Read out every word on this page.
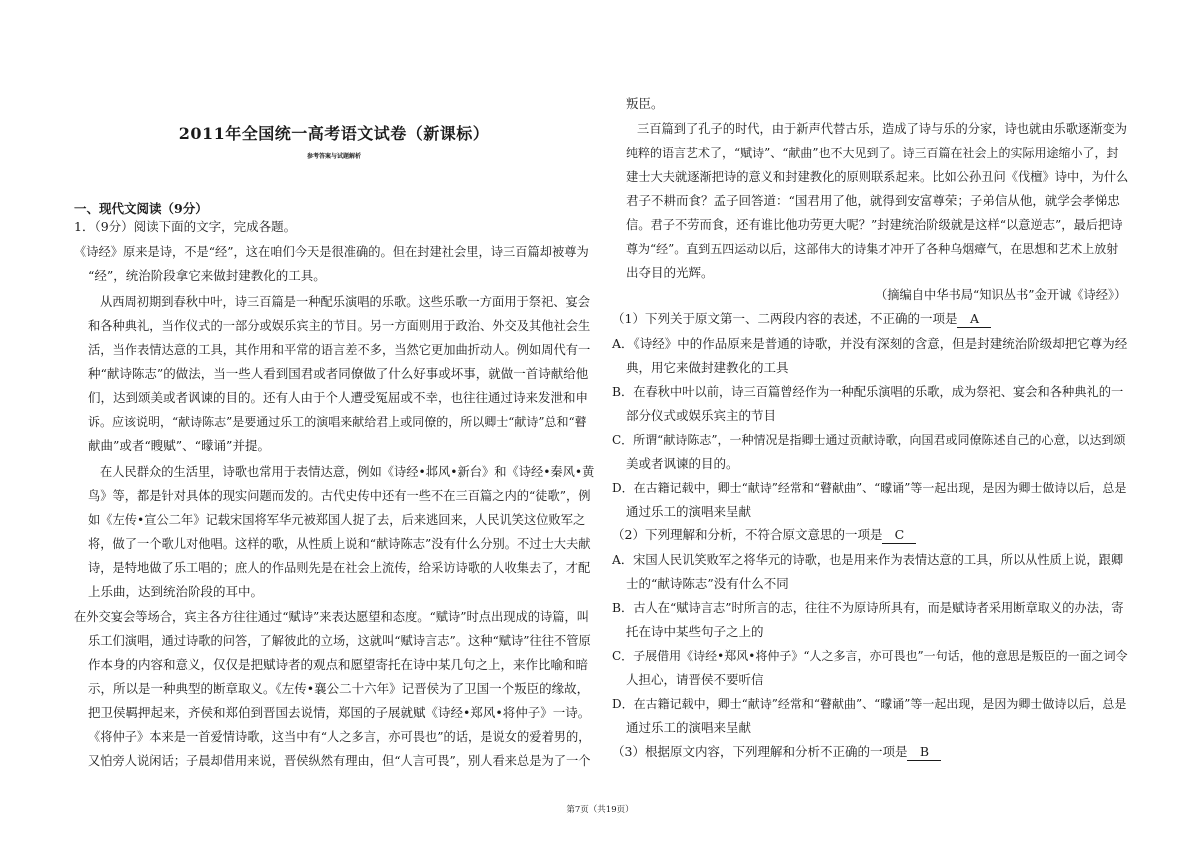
2011年全国统一高考语文试卷（新课标）
参考答案与试题解析
一、现代文阅读（9分）
1．（9分）阅读下面的文字，完成各题。
《诗经》原来是诗，不是“经”，这在咱们今天是很准确的。但在封建社会里，诗三百篇却被尊为
“经”，统治阶段拿它来做封建教化的工具。
从西周初期到春秋中叶，诗三百篇是一种配乐演唱的乐歌。这些乐歌一方面用于祭祀、宴会
和各种典礼，当作仪式的一部分或娱乐宾主的节目。另一方面则用于政治、外交及其他社会生
活，当作表情达意的工具，其作用和平常的语言差不多，当然它更加曲折动人。例如周代有一
种“献诗陈志”的做法，当一些人看到国君或者同僚做了什么好事或坏事，就做一首诗献给他
们，达到颂美或者讽谏的目的。还有人由于个人遭受冤屈或不幸，也往往通过诗来发泄和申
诉。应该说明，“献诗陈志”是要通过乐工的演唱来献给君上或同僚的，所以卿士“献诗”总和“瞽
献曲”或者“瞍赋”、“曚诵”并提。
在人民群众的生活里，诗歌也常用于表情达意，例如《诗经•邶风•新台》和《诗经•秦风•黄
鸟》等，都是针对具体的现实问题而发的。古代史传中还有一些不在三百篇之内的“徒歌”，例
如《左传•宣公二年》记载宋国将军华元被郑国人捉了去，后来逃回来，人民讥笑这位败军之
将，做了一个歌儿对他唱。这样的歌，从性质上说和“献诗陈志”没有什么分别。不过士大夫献
诗，是特地做了乐工唱的；庶人的作品则先是在社会上流传，给采访诗歌的人收集去了，才配
上乐曲，达到统治阶段的耳中。
在外交宴会等场合，宾主各方往往通过“赋诗”来表达愿望和态度。“赋诗”时点出现成的诗篇，叫
乐工们演唱，通过诗歌的问答，了解彼此的立场，这就叫“赋诗言志”。这种“赋诗”往往不管原
作本身的内容和意义，仅仅是把赋诗者的观点和愿望寄托在诗中某几句之上，来作比喻和暗
示，所以是一种典型的断章取义。《左传•襄公二十六年》记晋侯为了卫国一个叛臣的缘故，
把卫侯羁押起来，齐侯和郑伯到晋国去说情，郑国的子展就赋《诗经•郑风•将仲子》一诗。
《将仲子》本来是一首爱情诗歌，这当中有“人之多言，亦可畏也”的话，是说女的爱着男的，
又怕旁人说闲话；子晨却借用来说，晋侯纵然有理由，但“人言可畏”，别人看来总是为了一个
叛臣。
三百篇到了孔子的时代，由于新声代替古乐，造成了诗与乐的分家，诗也就由乐歌逐渐变为
纯粹的语言艺术了，“赋诗”、“献曲”也不大见到了。诗三百篇在社会上的实际用途缩小了，封
建士大夫就逐渐把诗的意义和封建教化的原则联系起来。比如公孙丑问《伐檀》诗中，为什么
君子不耕而食？孟子回答道：“国君用了他，就得到安富尊荣；子弟信从他，就学会孝悌忠
信。君子不劳而食，还有谁比他功劳更大呢？”封建统治阶级就是这样“以意逆志”，最后把诗
尊为“经”。直到五四运动以后，这部伟大的诗集才冲开了各种乌烟瘴气，在思想和艺术上放射
出夺目的光辉。
（摘编自中华书局“知识丛书”金开诚《诗经》）
（1）下列关于原文第一、二两段内容的表述，不正确的一项是 A
A．《诗经》中的作品原来是普通的诗歌，并没有深刻的含意，但是封建统治阶级却把它尊为经
典，用它来做封建教化的工具
B．在春秋中叶以前，诗三百篇曾经作为一种配乐演唱的乐歌，成为祭祀、宴会和各种典礼的一
部分仪式或娱乐宾主的节目
C．所谓“献诗陈志”，一种情况是指卿士通过贡献诗歌，向国君或同僚陈述自己的心意，以达到颂
美或者讽谏的目的。
D．在古籍记载中，卿士“献诗”经常和“瞽献曲”、“曚诵”等一起出现，是因为卿士做诗以后，总是
通过乐工的演唱来呈献
（2）下列理解和分析，不符合原文意思的一项是 C
A．宋国人民讥笑败军之将华元的诗歌，也是用来作为表情达意的工具，所以从性质上说，跟卿
士的“献诗陈志”没有什么不同
B．古人在“赋诗言志”时所言的志，往往不为原诗所具有，而是赋诗者采用断章取义的办法，寄
托在诗中某些句子之上的
C．子展借用《诗经•郑风•将仲子》“人之多言，亦可畏也”一句话，他的意思是叛臣的一面之词令
人担心，请晋侯不要听信
D．在古籍记载中，卿士“献诗”经常和“瞽献曲”、“曚诵”等一起出现，是因为卿士做诗以后，总是
通过乐工的演唱来呈献
（3）根据原文内容，下列理解和分析不正确的一项是 B
第7页（共19页）
